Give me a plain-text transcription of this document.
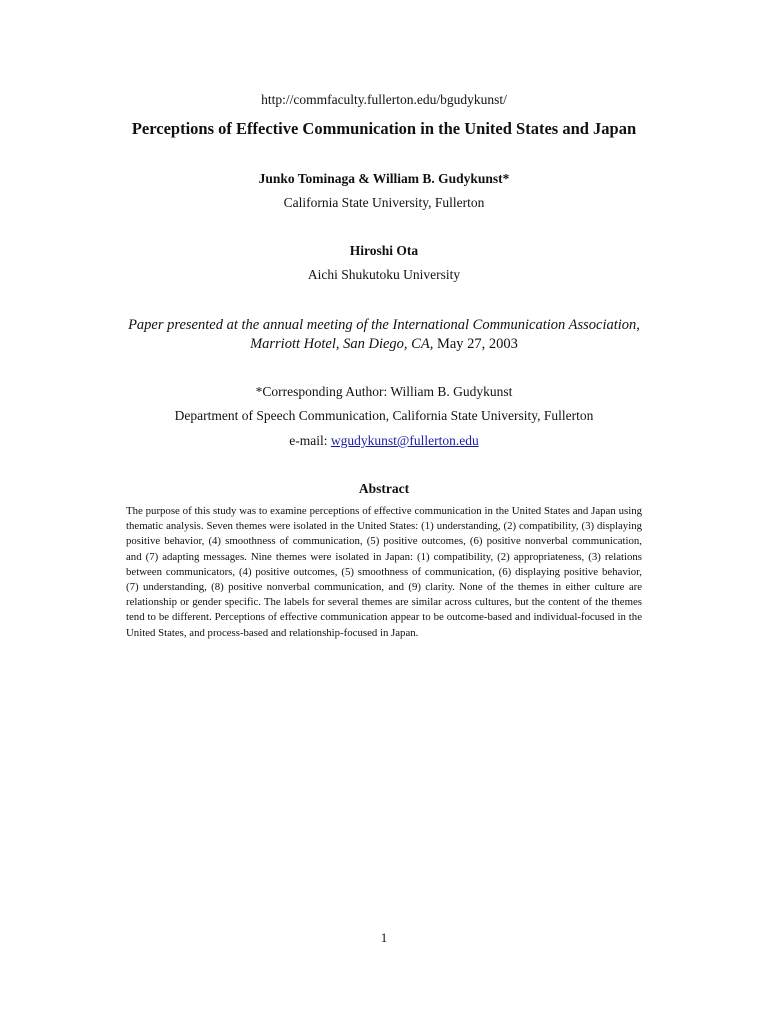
http://commfaculty.fullerton.edu/bgudykunst/
Perceptions of Effective Communication in the United States and Japan
Junko Tominaga & William B. Gudykunst*
California State University, Fullerton
Hiroshi Ota
Aichi Shukutoku University
Paper presented at the annual meeting of the International Communication Association,
Marriott Hotel, San Diego, CA, May 27, 2003
*Corresponding Author: William B. Gudykunst
Department of Speech Communication, California State University, Fullerton
e-mail: wgudykunst@fullerton.edu
Abstract
The purpose of this study was to examine perceptions of effective communication in the United States and Japan using thematic analysis. Seven themes were isolated in the United States: (1) understanding, (2) compatibility, (3) displaying positive behavior, (4) smoothness of communication, (5) positive outcomes, (6) positive nonverbal communication, and (7) adapting messages. Nine themes were isolated in Japan: (1) compatibility, (2) appropriateness, (3) relations between communicators, (4) positive outcomes, (5) smoothness of communication, (6) displaying positive behavior, (7) understanding, (8) positive nonverbal communication, and (9) clarity. None of the themes in either culture are relationship or gender specific. The labels for several themes are similar across cultures, but the content of the themes tend to be different. Perceptions of effective communication appear to be outcome-based and individual-focused in the United States, and process-based and relationship-focused in Japan.
1
